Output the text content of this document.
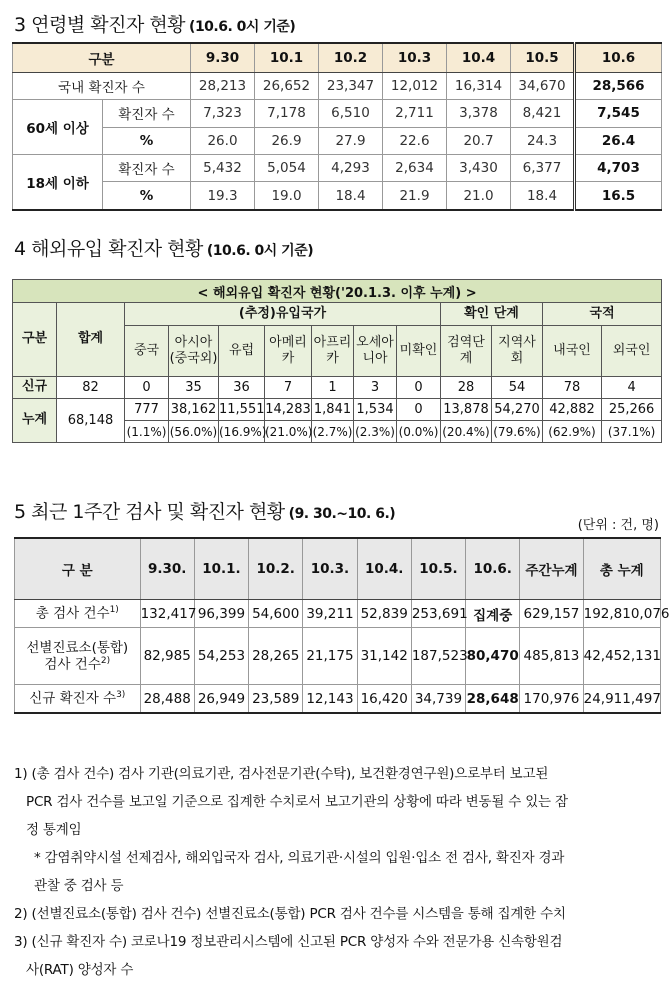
3 연령별 확진자 현황 (10.6. 0시 기준)
구분		9.30	10.1	10.2	10.3	10.4	10.5	10.6
국내 확진자 수		28,213	26,652	23,347	12,012	16,314	34,670	28,566
60세 이상	확진자 수	7,323	7,178	6,510	2,711	3,378	8,421	7,545
	%	26.0	26.9	27.9	22.6	20.7	24.3	26.4
18세 이하	확진자 수	5,432	5,054	4,293	2,634	3,430	6,377	4,703
	%	19.3	19.0	18.4	21.9	21.0	18.4	16.5
4 해외유입 확진자 현황 (10.6. 0시 기준)
< 해외유입 확진자 현황('20.1.3. 이후 누계) >												
구분	합계	(추정)유입국가							확인 단계		국적	
		중국	아시아 (중국외)	유럽	아메리카	아프리카	오세아니아	미확인	검역단계	지역사회	내국인	외국인
신규	82	0	35	36	7	1	3	0	28	54	78	4
누계	68,148	777	38,162	11,551	14,283	1,841	1,534	0	13,878	54,270	42,882	25,266
		(1.1%)	(56.0%)	(16.9%)	(21.0%)	(2.7%)	(2.3%)	(0.0%)	(20.4%)	(79.6%)	(62.9%)	(37.1%)
5 최근 1주간 검사 및 확진자 현황 (9. 30.~10. 6.)
(단위 : 건, 명)
구 분	9.30.	10.1.	10.2.	10.3.	10.4.	10.5.	10.6.	주간누계	총 누계
총 검사 건수$^{1)}$	132,417	96,399	54,600	39,211	52,839	253,691	집계중	629,157	192,810,076
선별진료소(통합) 검사 건수$^{2)}$	82,985	54,253	28,265	21,175	31,142	187,523	80,470	485,813	42,452,131
신규 확진자 수$^{3)}$	28,488	26,949	23,589	12,143	16,420	34,739	28,648	170,976	24,911,497

1) (총 검사 건수) 검사 기관(의료기관, 검사전문기관(수탁), 보건환경연구원)으로부터 보고된

PCR 검사 건수를 보고일 기준으로 집계한 수치로서 보고기관의 상황에 따라 변동될 수 있는 잠

정 통계임

* 감염취약시설 선제검사, 해외입국자 검사, 의료기관·시설의 입원·입소 전 검사, 확진자 경과

관찰 중 검사 등

2) (선별진료소(통합) 검사 건수) 선별진료소(통합) PCR 검사 건수를 시스템을 통해 집계한 수치

3) (신규 확진자 수) 코로나19 정보관리시스템에 신고된 PCR 양성자 수와 전문가용 신속항원검

사(RAT) 양성자 수
